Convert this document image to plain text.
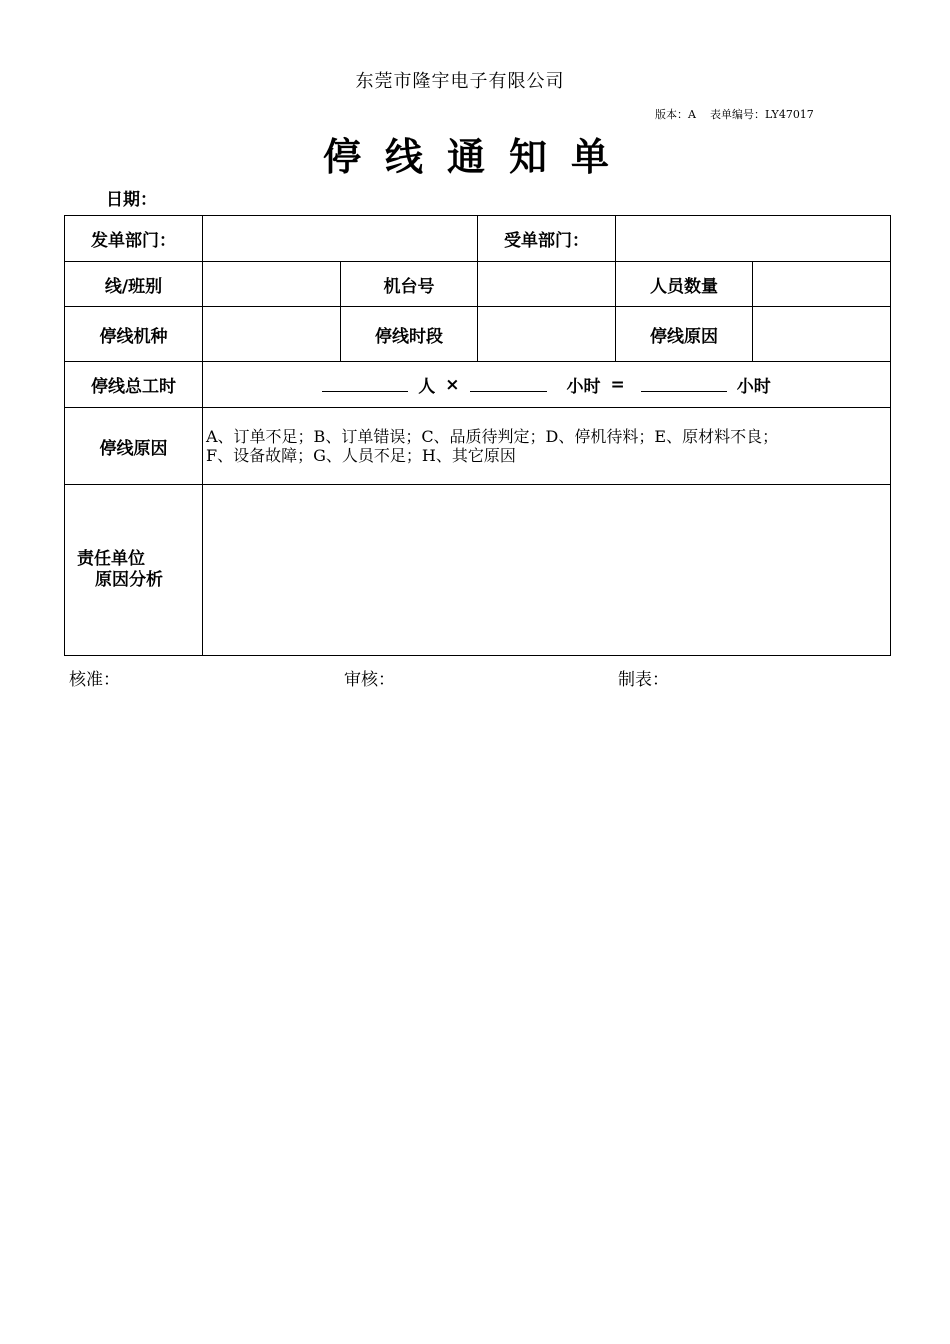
东莞市隆宇电子有限公司
版本：A 表单编号：LY47017
停线通知单
日期：
发单部门：			受单部门：		
线/班别		机台号		人员数量	
停线机种		停线时段		停线原因	
停线总工时	人 × 小时 = 小时				

停线原因	A、订单不足；B、订单错误；C、品质待判定；D、停机待料；E、原材料不良；
F、设备故障；G、人员不足；H、其它原因				

责任单位
原因分析					

核准：	审核：	制表：
